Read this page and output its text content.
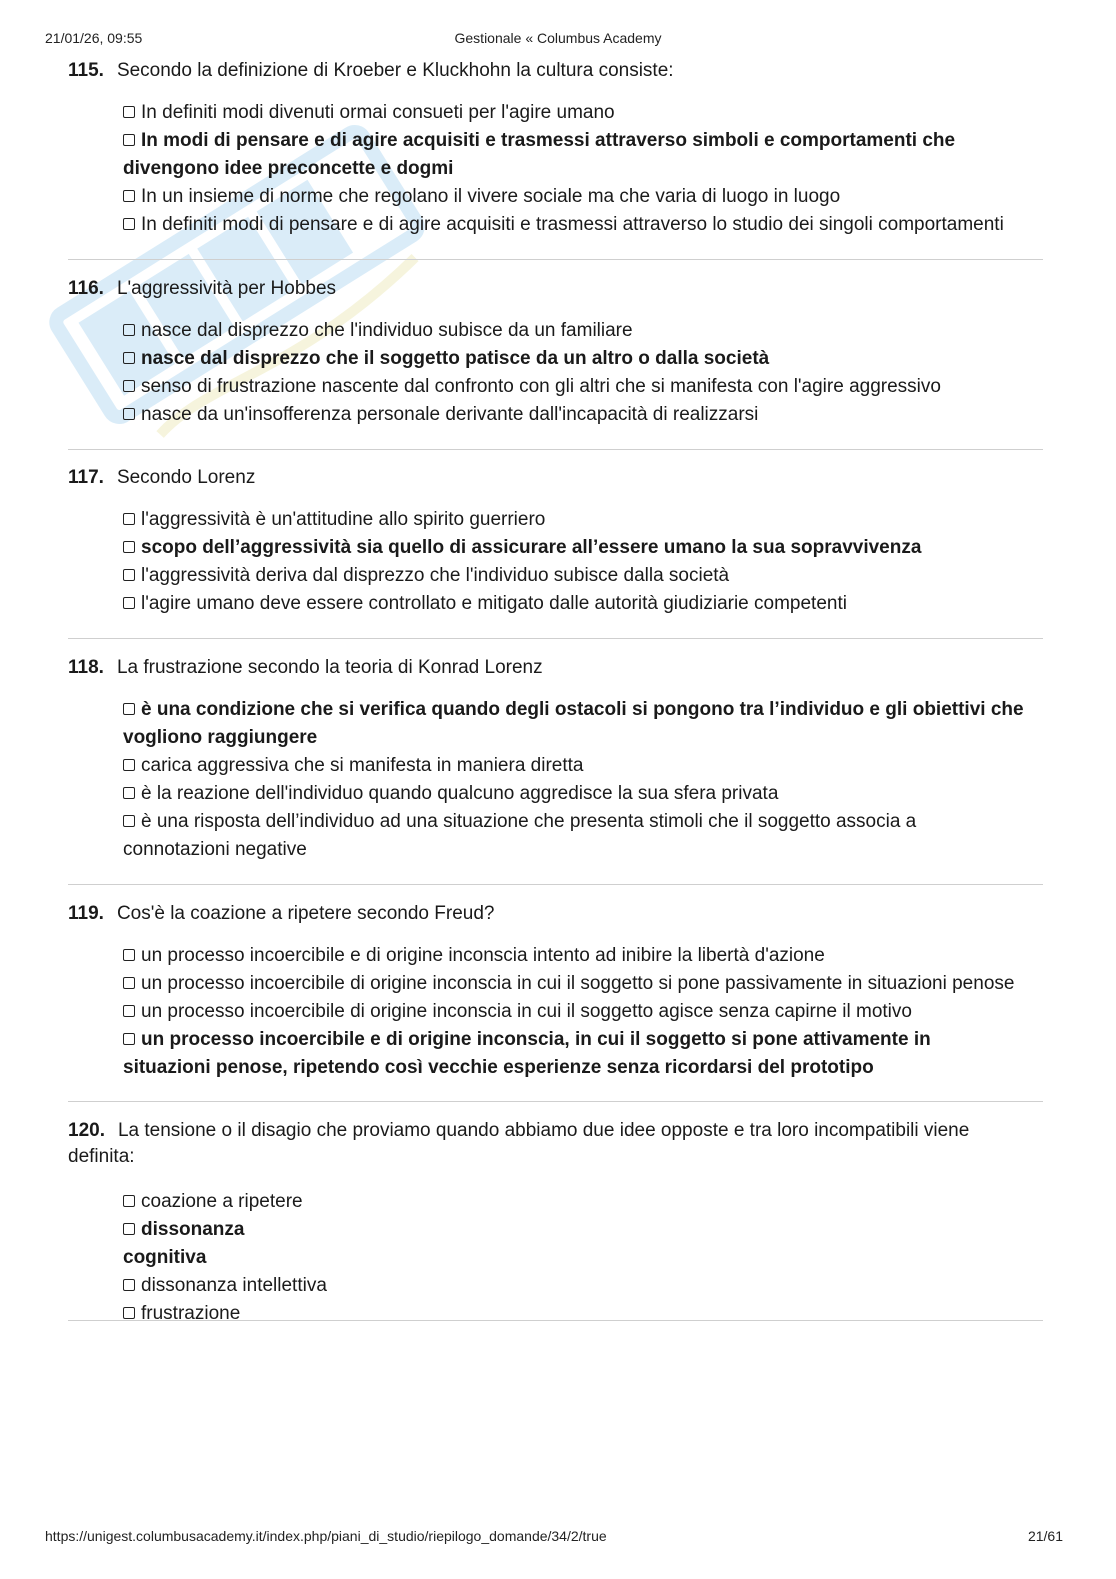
21/01/26, 09:55	Gestionale « Columbus Academy
115. Secondo la definizione di Kroeber e Kluckhohn la cultura consiste:
In definiti modi divenuti ormai consueti per l'agire umano
In modi di pensare e di agire acquisiti e trasmessi attraverso simboli e comportamenti che divengono idee preconcette e dogmi
In un insieme di norme che regolano il vivere sociale ma che varia di luogo in luogo
In definiti modi di pensare e di agire acquisiti e trasmessi attraverso lo studio dei singoli comportamenti
116. L'aggressività per Hobbes
nasce dal disprezzo che l'individuo subisce da un familiare
nasce dal disprezzo che il soggetto patisce da un altro o dalla società
senso di frustrazione nascente dal confronto con gli altri che si manifesta con l'agire aggressivo
nasce da un'insofferenza personale derivante dall'incapacità di realizzarsi
117. Secondo Lorenz
l'aggressività è un'attitudine allo spirito guerriero
scopo dell’aggressività sia quello di assicurare all’essere umano la sua sopravvivenza l'aggressività deriva dal disprezzo che l'individuo subisce dalla società
l'agire umano deve essere controllato e mitigato dalle autorità giudiziarie competenti
118. La frustrazione secondo la teoria di Konrad Lorenz
è una condizione che si verifica quando degli ostacoli si pongono tra l’individuo e gli obiettivi che vogliono raggiungere
carica aggressiva che si manifesta in maniera diretta
è la reazione dell'individuo quando qualcuno aggredisce la sua sfera privata
è una risposta dell’individuo ad una situazione che presenta stimoli che il soggetto associa a connotazioni negative
119. Cos'è la coazione a ripetere secondo Freud?
un processo incoercibile e di origine inconscia intento ad inibire la libertà d'azione
un processo incoercibile di origine inconscia in cui il soggetto si pone passivamente in situazioni penose
un processo incoercibile di origine inconscia in cui il soggetto agisce senza capirne il motivo
un processo incoercibile e di origine inconscia, in cui il soggetto si pone attivamente in situazioni penose, ripetendo così vecchie esperienze senza ricordarsi del prototipo
120. La tensione o il disagio che proviamo quando abbiamo due idee opposte e tra loro incompatibili viene definita:
coazione a ripetere
dissonanza cognitiva
dissonanza intellettiva
frustrazione
https://unigest.columbusacademy.it/index.php/piani_di_studio/riepilogo_domande/34/2/true	21/61
